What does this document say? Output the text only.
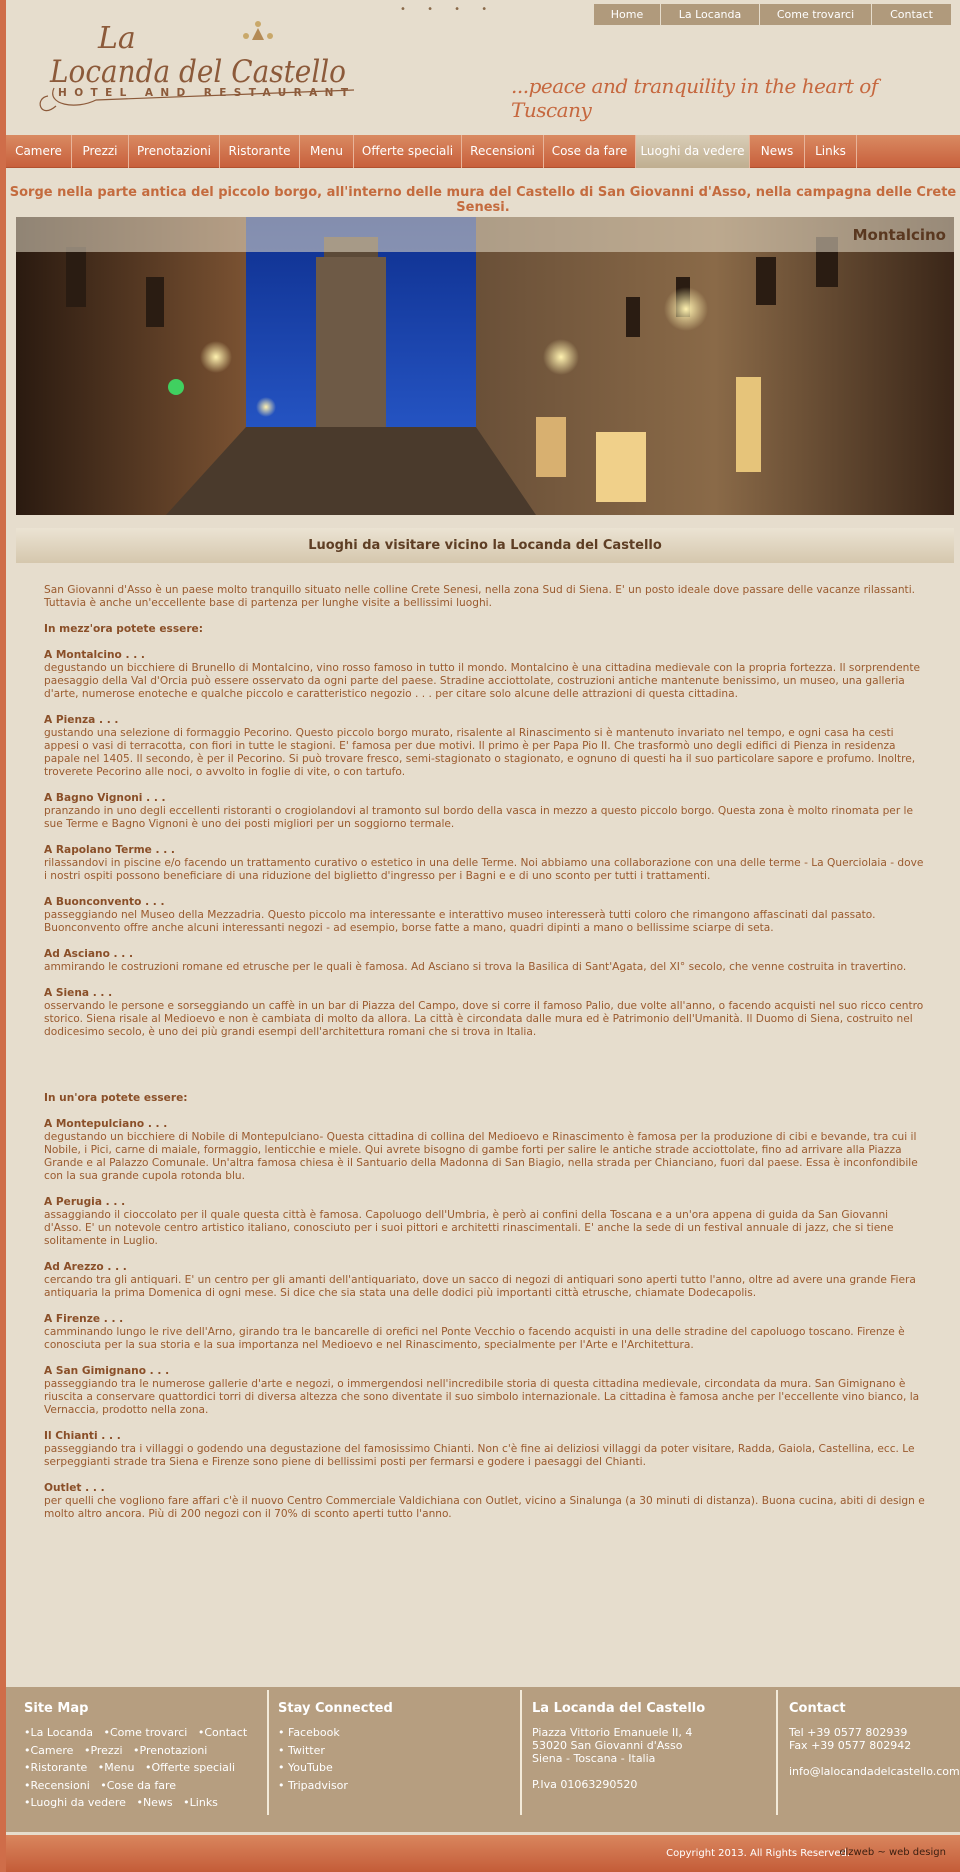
• • • •	Home	La Locanda	Come trovarci	Contact
La
Locanda del Castello
HOTEL AND RESTAURANT	...peace and tranquility in the heart of Tuscany
Camere	Prezzi	Prenotazioni	Ristorante	Menu	Offerte speciali	Recensioni	Cose da fare	Luoghi da vedere	News	Links
Sorge nella parte antica del piccolo borgo, all'interno delle mura del Castello di San Giovanni d'Asso, nella campagna delle Crete Senesi.
Montalcino
Luoghi da visitare vicino la Locanda del Castello

San Giovanni d'Asso è un paese molto tranquillo situato nelle colline Crete Senesi, nella zona Sud di Siena. E' un posto ideale dove passare delle vacanze rilassanti. Tuttavia è anche un'eccellente base di partenza per lunghe visite a bellissimi luoghi.

In mezz'ora potete essere:

A Montalcino . . .
degustando un bicchiere di Brunello di Montalcino, vino rosso famoso in tutto il mondo. Montalcino è una cittadina medievale con la propria fortezza. Il sorprendente paesaggio della Val d'Orcia può essere osservato da ogni parte del paese. Stradine acciottolate, costruzioni antiche mantenute benissimo, un museo, una galleria d'arte, numerose enoteche e qualche piccolo e caratteristico negozio . . . per citare solo alcune delle attrazioni di questa cittadina.

A Pienza . . .
gustando una selezione di formaggio Pecorino. Questo piccolo borgo murato, risalente al Rinascimento si è mantenuto invariato nel tempo, e ogni casa ha cesti appesi o vasi di terracotta, con fiori in tutte le stagioni. E' famosa per due motivi. Il primo è per Papa Pio II. Che trasformò uno degli edifici di Pienza in residenza papale nel 1405. Il secondo, è per il Pecorino. Si può trovare fresco, semi-stagionato o stagionato, e ognuno di questi ha il suo particolare sapore e profumo. Inoltre, troverete Pecorino alle noci, o avvolto in foglie di vite, o con tartufo.

A Bagno Vignoni . . .
pranzando in uno degli eccellenti ristoranti o crogiolandovi al tramonto sul bordo della vasca in mezzo a questo piccolo borgo. Questa zona è molto rinomata per le sue Terme e Bagno Vignoni è uno dei posti migliori per un soggiorno termale.

A Rapolano Terme . . .
rilassandovi in piscine e/o facendo un trattamento curativo o estetico in una delle Terme. Noi abbiamo una collaborazione con una delle terme - La Querciolaia - dove i nostri ospiti possono beneficiare di una riduzione del biglietto d'ingresso per i Bagni e e di uno sconto per tutti i trattamenti.

A Buonconvento . . .
passeggiando nel Museo della Mezzadria. Questo piccolo ma interessante e interattivo museo interesserà tutti coloro che rimangono affascinati dal passato. Buonconvento offre anche alcuni interessanti negozi - ad esempio, borse fatte a mano, quadri dipinti a mano o bellissime sciarpe di seta.

Ad Asciano . . .
ammirando le costruzioni romane ed etrusche per le quali è famosa. Ad Asciano si trova la Basilica di Sant'Agata, del XI° secolo, che venne costruita in travertino.

A Siena . . .
osservando le persone e sorseggiando un caffè in un bar di Piazza del Campo, dove si corre il famoso Palio, due volte all'anno, o facendo acquisti nel suo ricco centro storico. Siena risale al Medioevo e non è cambiata di molto da allora. La città è circondata dalle mura ed è Patrimonio dell'Umanità. Il Duomo di Siena, costruito nel dodicesimo secolo, è uno dei più grandi esempi dell'architettura romani che si trova in Italia.

In un'ora potete essere:

A Montepulciano . . .
degustando un bicchiere di Nobile di Montepulciano- Questa cittadina di collina del Medioevo e Rinascimento è famosa per la produzione di cibi e bevande, tra cui il Nobile, i Pici, carne di maiale, formaggio, lenticchie e miele. Qui avrete bisogno di gambe forti per salire le antiche strade acciottolate, fino ad arrivare alla Piazza Grande e al Palazzo Comunale. Un'altra famosa chiesa è il Santuario della Madonna di San Biagio, nella strada per Chianciano, fuori dal paese. Essa è inconfondibile con la sua grande cupola rotonda blu.

A Perugia . . .
assaggiando il cioccolato per il quale questa città è famosa. Capoluogo dell'Umbria, è però ai confini della Toscana e a un'ora appena di guida da San Giovanni d'Asso. E' un notevole centro artistico italiano, conosciuto per i suoi pittori e architetti rinascimentali. E' anche la sede di un festival annuale di jazz, che si tiene solitamente in Luglio.

Ad Arezzo . . .
cercando tra gli antiquari. E' un centro per gli amanti dell'antiquariato, dove un sacco di negozi di antiquari sono aperti tutto l'anno, oltre ad avere una grande Fiera antiquaria la prima Domenica di ogni mese. Si dice che sia stata una delle dodici più importanti città etrusche, chiamate Dodecapolis.

A Firenze . . .
camminando lungo le rive dell'Arno, girando tra le bancarelle di orefici nel Ponte Vecchio o facendo acquisti in una delle stradine del capoluogo toscano. Firenze è conosciuta per la sua storia e la sua importanza nel Medioevo e nel Rinascimento, specialmente per l'Arte e l'Architettura.

A San Gimignano . . .
passeggiando tra le numerose gallerie d'arte e negozi, o immergendosi nell'incredibile storia di questa cittadina medievale, circondata da mura. San Gimignano è riuscita a conservare quattordici torri di diversa altezza che sono diventate il suo simbolo internazionale. La cittadina è famosa anche per l'eccellente vino bianco, la Vernaccia, prodotto nella zona.

Il Chianti . . .
passeggiando tra i villaggi o godendo una degustazione del famosissimo Chianti. Non c'è fine ai deliziosi villaggi da poter visitare, Radda, Gaiola, Castellina, ecc. Le serpeggianti strade tra Siena e Firenze sono piene di bellissimi posti per fermarsi e godere i paesaggi del Chianti.

Outlet . . .
per quelli che vogliono fare affari c'è il nuovo Centro Commerciale Valdichiana con Outlet, vicino a Sinalunga (a 30 minuti di distanza). Buona cucina, abiti di design e molto altro ancora. Più di 200 negozi con il 70% di sconto aperti tutto l'anno.

Site Map
•La Locanda   •Come trovarci   •Contact
•Camere   •Prezzi   •Prenotazioni
•Ristorante   •Menu   •Offerte speciali
•Recensioni   •Cose da fare
•Luoghi da vedere   •News   •Links
Stay Connected
• Facebook
• Twitter
• YouTube
• Tripadvisor
La Locanda del Castello
Piazza Vittorio Emanuele II, 4
53020 San Giovanni d'Asso
Siena - Toscana - Italia
P.Iva 01063290520
Contact
Tel +39 0577 802939
Fax +39 0577 802942
info@lalocandadelcastello.com
Copyright 2013. All Rights Reserved.
elzweb ~ web design
